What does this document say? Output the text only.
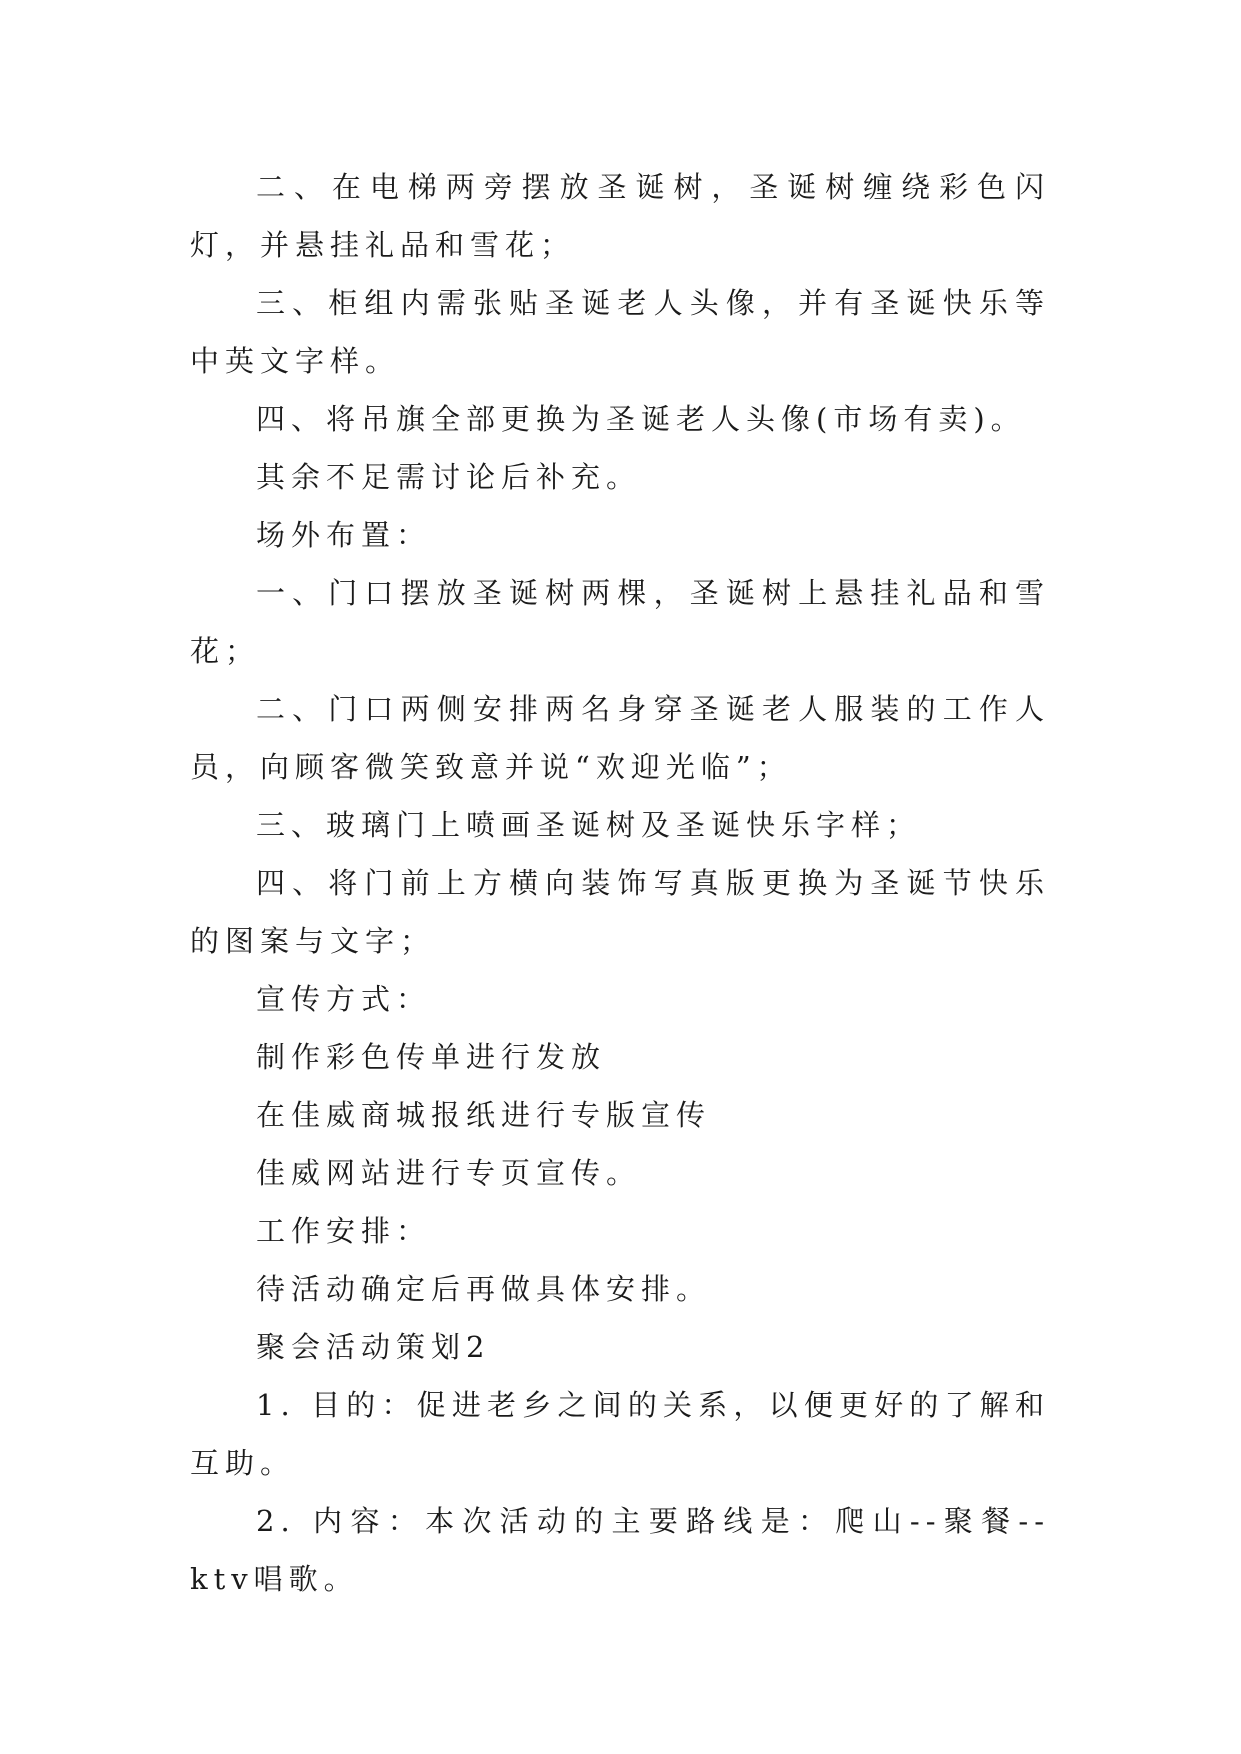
二、在电梯两旁摆放圣诞树，圣诞树缠绕彩色闪灯，并悬挂礼品和雪花；

三、柜组内需张贴圣诞老人头像，并有圣诞快乐等中英文字样。

四、将吊旗全部更换为圣诞老人头像(市场有卖)。

其余不足需讨论后补充。

场外布置：

一、门口摆放圣诞树两棵，圣诞树上悬挂礼品和雪花；

二、门口两侧安排两名身穿圣诞老人服装的工作人员，向顾客微笑致意并说“欢迎光临”；

三、玻璃门上喷画圣诞树及圣诞快乐字样；

四、将门前上方横向装饰写真版更换为圣诞节快乐的图案与文字；

宣传方式：

制作彩色传单进行发放

在佳威商城报纸进行专版宣传

佳威网站进行专页宣传。

工作安排：

待活动确定后再做具体安排。

聚会活动策划2

1. 目的：促进老乡之间的关系，以便更好的了解和互助。

2. 内容：本次活动的主要路线是：爬山--聚餐--ktv唱歌。
